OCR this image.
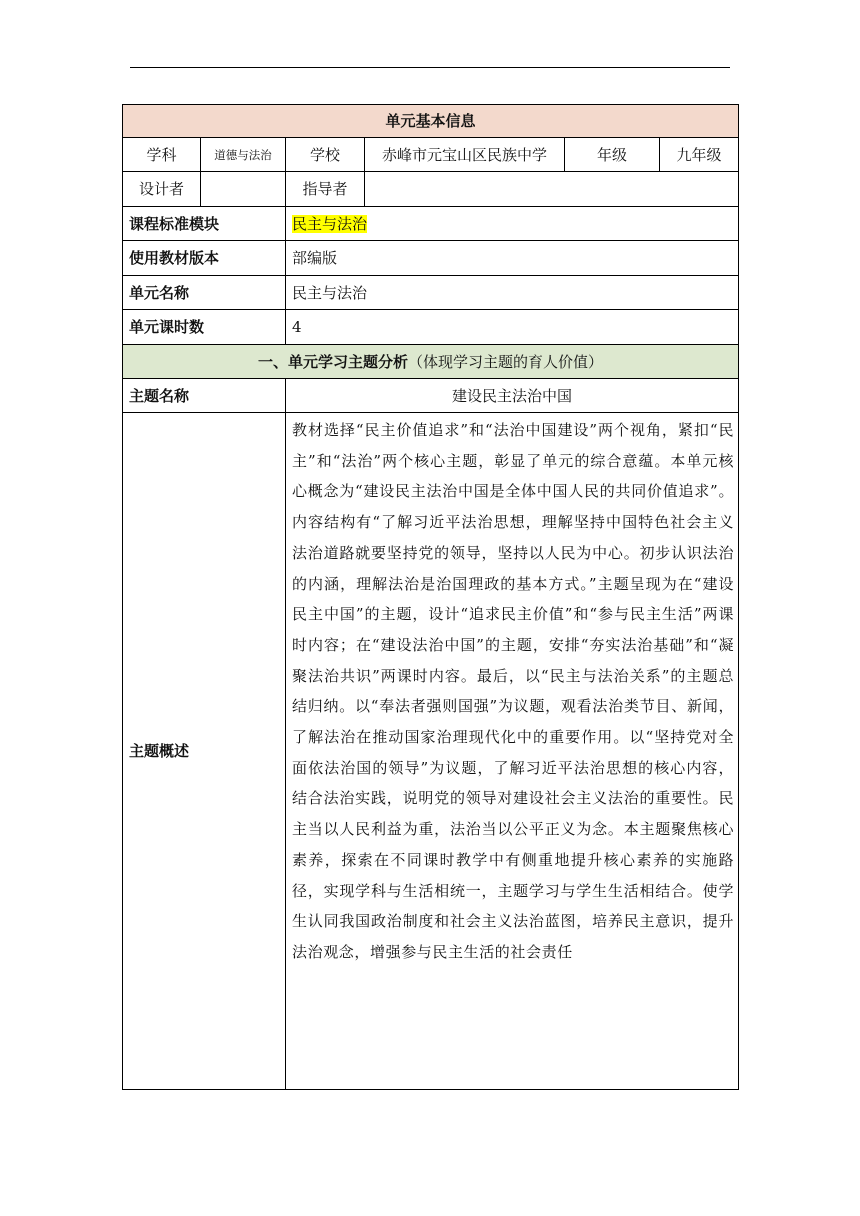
单元基本信息					
学科	道德与法治	学校	赤峰市元宝山区民族中学	年级	九年级
设计者		指导者			
课程标准模块		民主与法治			
使用教材版本		部编版			
单元名称		民主与法治			
单元课时数		4			
一、单元学习主题分析（体现学习主题的育人价值）					
主题名称		建设民主法治中国			
主题概述		教材选择“民主价值追求”和“法治中国建设”两个视角，紧扣“民主”和“法治”两个核心主题，彰显了单元的综合意蕴。本单元核心概念为“建设民主法治中国是全体中国人民的共同价值追求”。内容结构有“了解习近平法治思想，理解坚持中国特色社会主义法治道路就要坚持党的领导，坚持以人民为中心。初步认识法治的内涵，理解法治是治国理政的基本方式。”主题呈现为在“建设民主中国”的主题，设计“追求民主价值”和“参与民主生活”两课时内容；在“建设法治中国”的主题，安排“夯实法治基础”和“凝聚法治共识”两课时内容。最后，以“民主与法治关系”的主题总结归纳。以“奉法者强则国强”为议题，观看法治类节目、新闻，了解法治在推动国家治理现代化中的重要作用。以“坚持党对全面依法治国的领导”为议题，了解习近平法治思想的核心内容，结合法治实践，说明党的领导对建设社会主义法治的重要性。民主当以人民利益为重，法治当以公平正义为念。本主题聚焦核心素养，探索在不同课时教学中有侧重地提升核心素养的实施路径，实现学科与生活相统一，主题学习与学生生活相结合。使学生认同我国政治制度和社会主义法治蓝图，培养民主意识，提升法治观念，增强参与民主生活的社会责任			
